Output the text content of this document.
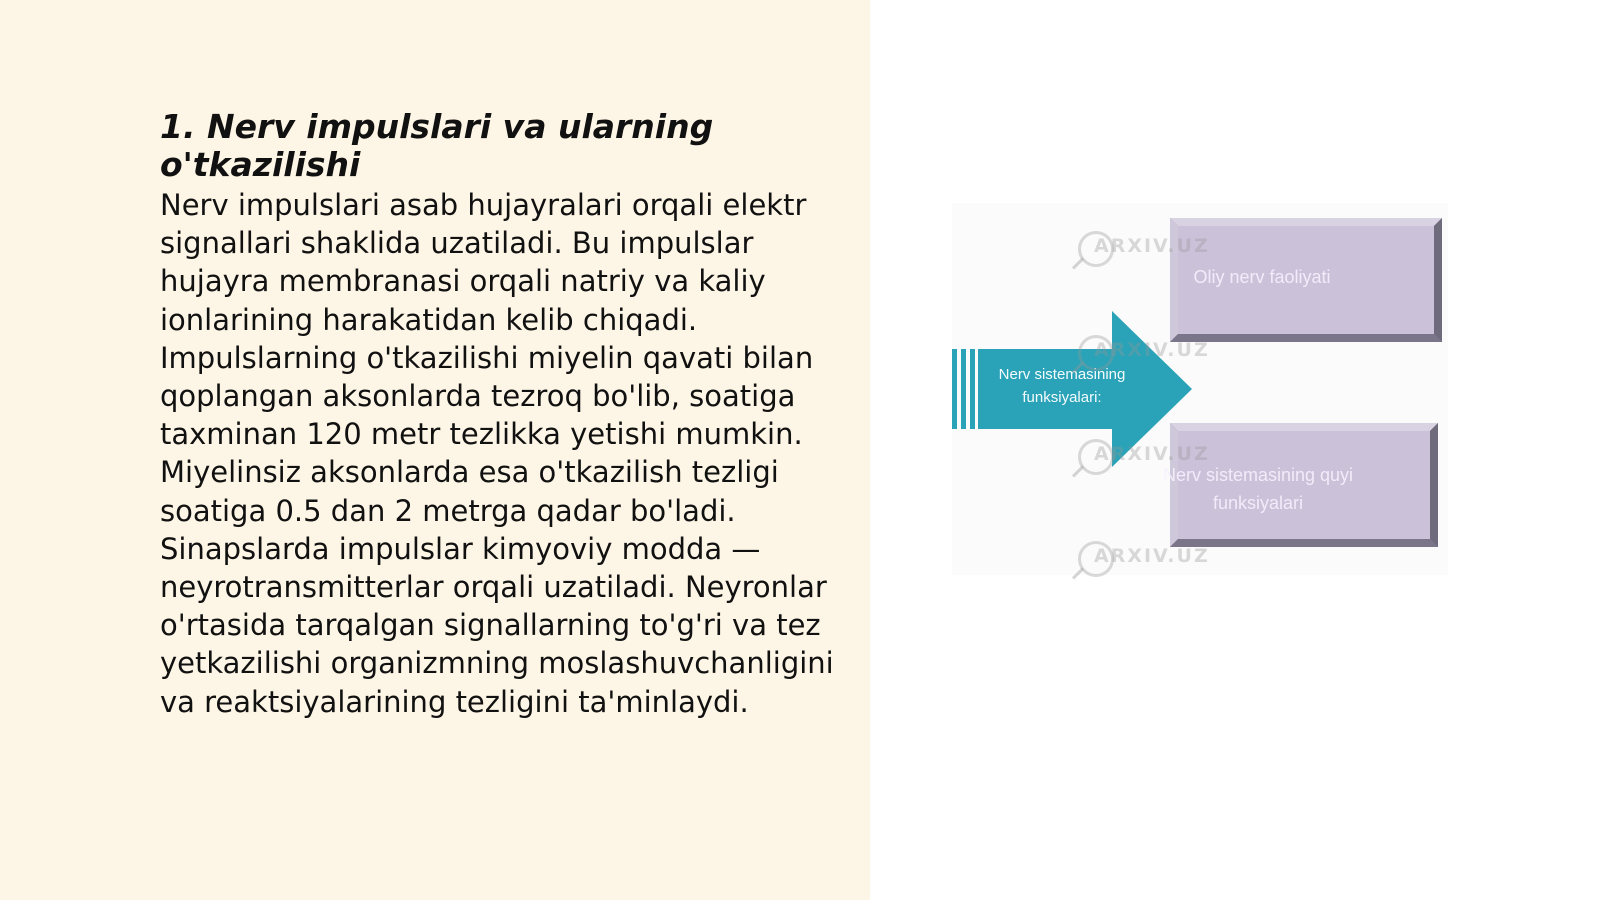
1. Nerv impulslari va ularning o'tkazilishi

Nerv impulslari asab hujayralari orqali elektr signallari shaklida uzatiladi. Bu impulslar hujayra membranasi orqali natriy va kaliy ionlarining harakatidan kelib chiqadi. Impulslarning o'tkazilishi miyelin qavati bilan qoplangan aksonlarda tezroq bo'lib, soatiga taxminan 120 metr tezlikka yetishi mumkin. Miyelinsiz aksonlarda esa o'tkazilish tezligi soatiga 0.5 dan 2 metrga qadar bo'ladi. Sinapslarda impulslar kimyoviy modda — neyrotransmitterlar orqali uzatiladi. Neyronlar o'rtasida tarqalgan signallarning to'g'ri va tez yetkazilishi organizmning moslashuvchanligini va reaktsiyalarining tezligini ta'minlaydi.

Nerv sistemasining funksiyalari:
Oliy nerv faoliyati
Nerv sistemasining quyi funksiyalari
ARXIV.UZ
ARXIV.UZ
ARXIV.UZ
ARXIV.UZ
